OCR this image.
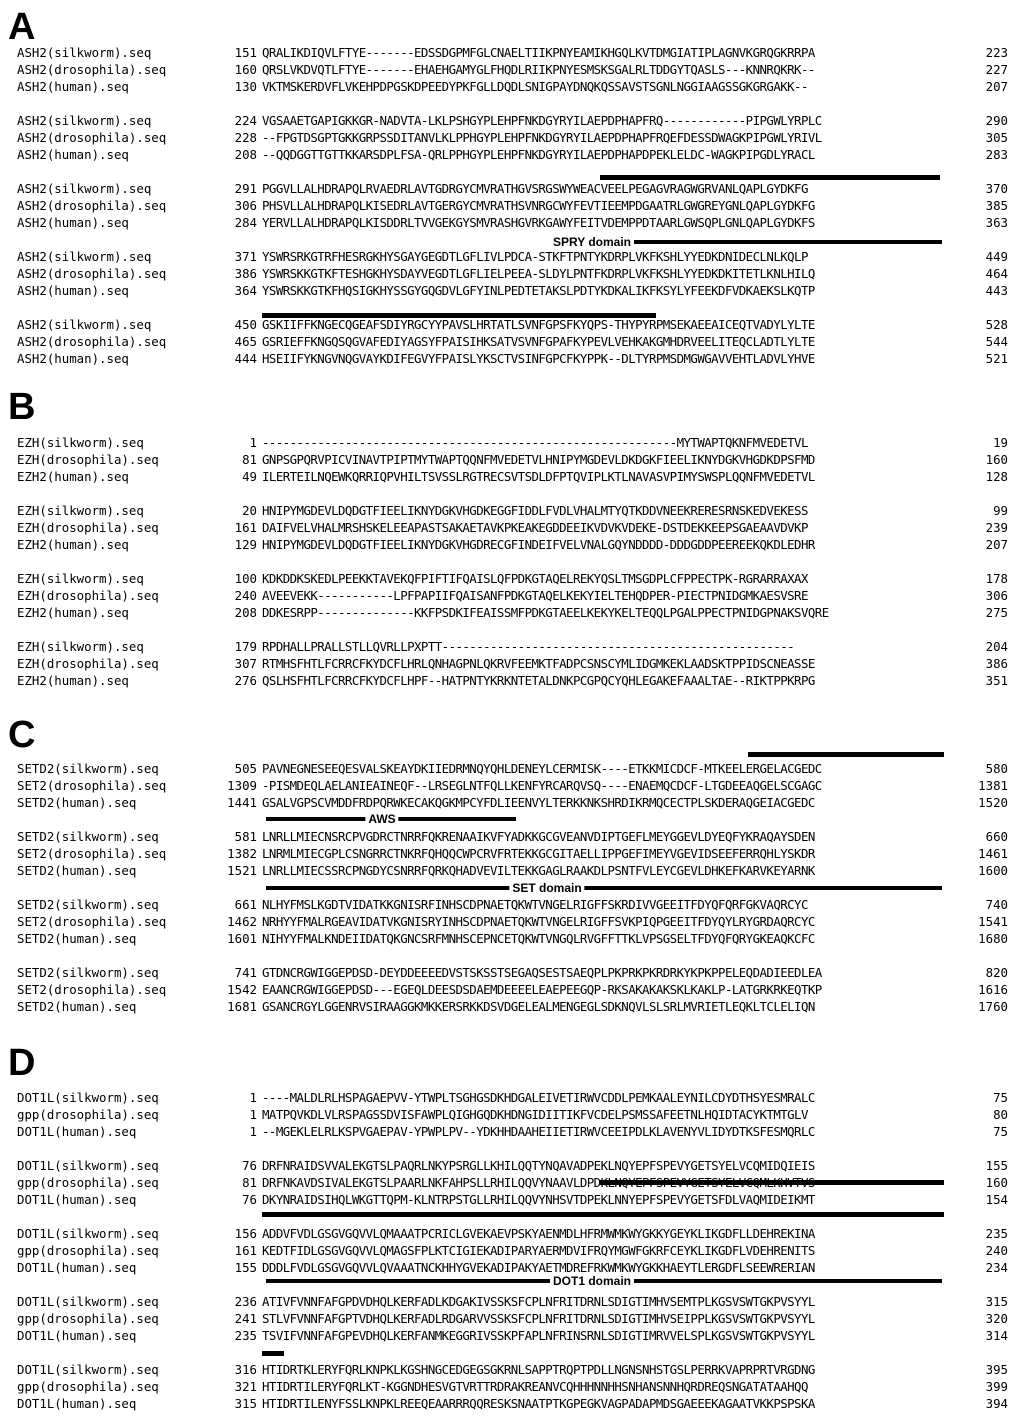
A
B
C
D
SPRY domain
AWS
SET domain
DOT1 domain
ASH2(silkworm).seq	151 QRALIKDIQVLFTYE-------EDSSDGPMFGLCNAELTIIKPNYEAMIKHGQLKVTDMGIATIPLAGNVKGRQGKRRPA	223
ASH2(drosophila).seq	160 QRSLVKDVQTLFTYE-------EHAEHGAMYGLFHQDLRIIKPNYESMSKSGALRLTDDGYTQASLS---KNNRQKRK--	227
ASH2(human).seq	130 VKTMSKERDVFLVKEHPDPGSKDPEEDYPKFGLLDQDLSNIGPAYDNQKQSSAVSTSGNLNGGIAAGSSGKGRGAKK--	207
ASH2(silkworm).seq	224 VGSAAETGAPIGKKGR-NADVTA-LKLPSHGYPLEHPFNKDGYRYILAEPDPHAPFRQ------------PIPGWLYRPLC	290
ASH2(drosophila).seq	228 --FPGTDSGPTGKKGRPSSDITANVLKLPPHGYPLEHPFNKDGYRYILAEPDPHAPFRQEFDESSDWAGKPIPGWLYRIVL	305
ASH2(human).seq	208 --QQDGGTTGTTKKARSDPLFSA-QRLPPHGYPLEHPFNKDGYRYILAEPDPHAPDPEKLELDC-WAGKPIPGDLYRACL	283
ASH2(silkworm).seq	291 PGGVLLALHDRAPQLRVAEDRLAVTGDRGYCMVRATHGVSRGSWYWEACVEELPEGAGVRAGWGRVANLQAPLGYDKFG	370
ASH2(drosophila).seq	306 PHSVLLALHDRAPQLKISEDRLAVTGERGYCMVRATHSVNRGCWYFEVTIEEMPDGAATRLGWGREYGNLQAPLGYDKFG	385
ASH2(human).seq	284 YERVLLALHDRAPQLKISDDRLTVVGEKGYSMVRASHGVRKGAWYFEITVDEMPPDTAARLGWSQPLGNLQAPLGYDKFS	363
ASH2(silkworm).seq	371 YSWRSRKGTRFHESRGKHYSGAYGEGDTLGFLIVLPDCA-STKFTPNTYKDRPLVKFKSHLYYEDKDNIDECLNLKQLP	449
ASH2(drosophila).seq	386 YSWRSKKGTKFTESHGKHYSDAYVEGDTLGFLIELPEEA-SLDYLPNTFKDRPLVKFKSHLYYEDKDKITETLKNLHILQ	464
ASH2(human).seq	364 YSWRSKKGTKFHQSIGKHYSSGYGQGDVLGFYINLPEDTETAKSLPDTYKDKALIKFKSYLYFEEKDFVDKAEKSLKQTP	443
ASH2(silkworm).seq	450 GSKIIFFKNGECQGEAFSDIYRGCYYPAVSLHRTATLSVNFGPSFKYQPS-THYPYRPMSEKAEEAICEQTVADYLYLTE	528
ASH2(drosophila).seq	465 GSRIEFFKNGQSQGVAFEDIYAGSYFPAISIHKSATVSVNFGPAFKYPEVLVEHKAKGMHDRVEELITEQCLADTLYLTE	544
ASH2(human).seq	444 HSEIIFYKNGVNQGVAYKDIFEGVYFPAISLYKSCTVSINFGPCFKYPPK--DLTYRPMSDMGWGAVVEHTLADVLYHVE	521
EZH(silkworm).seq	1 ------------------------------------------------------------MYTWAPTQKNFMVEDETVL	19
EZH(drosophila).seq	81 GNPSGPQRVPICVINAVTPIPTMYTWAPTQQNFMVEDETVLHNIPYMGDEVLDKDGKFIEELIKNYDGKVHGDKDPSFMD	160
EZH2(human).seq	49 ILERTEILNQEWKQRRIQPVHILTSVSSLRGTRECSVTSDLDFPTQVIPLKTLNAVASVPIMYSWSPLQQNFMVEDETVL	128
EZH(silkworm).seq	20 HNIPYMGDEVLDQDGTFIEELIKNYDGKVHGDKEGGFIDDLFVDLVHALMTYQTKDDVNEEKRERESRNSKEDVEKESS	99
EZH(drosophila).seq	161 DAIFVELVHALMRSHSKELEEAPASTSAKAETAVKPKEAKEGDDEEIKVDVKVDEKE-DSTDEKKEEPSGAEAAVDVKP	239
EZH2(human).seq	129 HNIPYMGDEVLDQDGTFIEELIKNYDGKVHGDRECGFINDEIFVELVNALGQYNDDDD-DDDGDDPEEREEKQKDLEDHR	207
EZH(silkworm).seq	100 KDKDDKSKEDLPEEKKTAVEKQFPIFTIFQAISLQFPDKGTAQELREKYQSLTMSGDPLCFPPECTPK-RGRARRAXAX	178
EZH(drosophila).seq	240 AVEEVEKK-----------LPFPAPIIFQAISANFPDKGTAQELKEKYIELTEHQDPER-PIECTPNIDGMKAESVSRE	306
EZH2(human).seq	208 DDKESRPP--------------KKFPSDKIFEAISSMFPDKGTAEELKEKYKELTEQQLPGALPPECTPNIDGPNAKSVQRE	275
EZH(silkworm).seq	179 RPDHALLPRALLSTLLQVRLLPXPTT---------------------------------------------------	204
EZH(drosophila).seq	307 RTMHSFHTLFCRRCFKYDCFLHRLQNHAGPNLQKRVFEEMKTFADPCSNSCYMLIDGMKEKLAADSKTPPIDSCNEASSE	386
EZH2(human).seq	276 QSLHSFHTLFCRRCFKYDCFLHPF--HATPNTYKRKNTETALDNKPCGPQCYQHLEGAKEFAAALTAE--RIKTPPKRPG	351
SETD2(silkworm).seq	505 PAVNEGNESEEQESVALSKEAYDKIIEDRMNQYQHLDENEYLCERMISK----ETKKMICDCF-MTKEELERGELACGEDC	580
SET2(drosophila).seq	1309 -PISMDEQLAELANIEAINEQF--LRSEGLNTFQLLKENFYRCARQVSQ----ENAEMQCDCF-LTGDEEAQGELSCGAGC	1381
SETD2(human).seq	1441 GSALVGPSCVMDDFRDPQRWKECAKQGKMPCYFDLIEENVYLTERKKNKSHRDIKRMQCECTPLSKDERAQGEIACGEDC	1520
SETD2(silkworm).seq	581 LNRLLMIECNSRCPVGDRCTNRRFQKRENAAIKVFYADKKGCGVEANVDIPTGEFLMEYGGEVLDYEQFYKRAQAYSDEN	660
SET2(drosophila).seq	1382 LNRMLMIECGPLCSNGRRCTNKRFQHQQCWPCRVFRTEKKGCGITAELLIPPGEFIMEYVGEVIDSEEFERRQHLYSKDR	1461
SETD2(human).seq	1521 LNRLLMIECSSRCPNGDYCSNRRFQRKQHADVEVILTEKKGAGLRAAKDLPSNTFVLEYCGEVLDHKEFKARVKEYARNK	1600
SETD2(silkworm).seq	661 NLHYFMSLKGDTVIDATKKGNISRFINHSCDPNAETQKWTVNGELRIGFFSKRDIVVGEEITFDYQFQRFGKVAQRCYC	740
SET2(drosophila).seq	1462 NRHYYFMALRGEAVIDATVKGNISRYINHSCDPNAETQKWTVNGELRIGFFSVKPIQPGEEITFDYQYLRYGRDAQRCYC	1541
SETD2(human).seq	1601 NIHYYFMALKNDEIIDATQKGNCSRFMNHSCEPNCETQKWTVNGQLRVGFFTTKLVPSGSELTFDYQFQRYGKEAQKCFC	1680
SETD2(silkworm).seq	741 GTDNCRGWIGGEPDSD-DEYDDEEEEDVSTSKSSTSEGAQSESTSAEQPLPKPRKPKRDRKYKPKPPELEQDADIEEDLEA	820
SET2(drosophila).seq	1542 EAANCRGWIGGEPDSD---EGEQLDEESDSDAEMDEEEELEAEPEEGQP-RKSAKAKAKSKLKAKLP-LATGRKRKEQTKP	1616
SETD2(human).seq	1681 GSANCRGYLGGENRVSIRAAGGKMKKERSRKKDSVDGELEALMENGEGLSDKNQVLSLSRLMVRIETLEQKLTCLELIQN	1760
DOT1L(silkworm).seq	1 ----MALDLRLHSPAGAEPVV-YTWPLTSGHGSDKHDGALEIVETIRWVCDDLPEMKAALEYNILCDYDTHSYESMRALC	75
gpp(drosophila).seq	1 MATPQVKDLVLRSPAGSSDVISFAWPLQIGHGQDKHDNGIDIITIKFVCDELPSMSSAFEETNLHQIDTACYKTMTGLV	80
DOT1L(human).seq	1 --MGEKLELRLKSPVGAEPAV-YPWPLPV--YDKHHDAAHEIIETIRWVCEEIPDLKLAVENYVLIDYDTKSFESMQRLC	75
DOT1L(silkworm).seq	76 DRFNRAIDSVVALEKGTSLPAQRLNKYPSRGLLKHILQQTYNQAVADPEKLNQYEPFSPEVYGETSYELVCQMIDQIEIS	155
gpp(drosophila).seq	81 DRFNKAVDSIVALEKGTSLPAARLNKFAHPSLLRHILQQVYNAAVLDPDKLNQYEPFSPEVYGETSYELVCQMLKHVTVS	160
DOT1L(human).seq	76 DKYNRAIDSIHQLWKGTTQPM-KLNTRPSTGLLRHILQQVYNHSVTDPEKLNNYEPFSPEVYGETSFDLVAQMIDEIKMT	154
DOT1L(silkworm).seq	156 ADDVFVDLGSGVGQVVLQMAAATPCRICLGVEKAEVPSKYAENMDLHFRMWMKWYGKKYGEYKLIKGDFLLDEHREKINA	235
gpp(drosophila).seq	161 KEDTFIDLGSGVGQVVLQMAGSFPLKTCIGIEKADIPARYAERMDVIFRQYMGWFGKRFCEYKLIKGDFLVDEHRENITS	240
DOT1L(human).seq	155 DDDLFVDLGSGVGQVVLQVAAATNCKHHYGVEKADIPAKYAETMDREFRKWMKWYGKKHAEYTLERGDFLSEEWRERIAN	234
DOT1L(silkworm).seq	236 ATIVFVNNFAFGPDVDHQLKERFADLKDGAKIVSSKSFCPLNFRITDRNLSDIGTIMHVSEMTPLKGSVSWTGKPVSYYL	315
gpp(drosophila).seq	241 STLVFVNNFAFGPTVDHQLKERFADLRDGARVVSSKSFCPLNFRITDRNLSDIGTIMHVSEIPPLKGSVSWTGKPVSYYL	320
DOT1L(human).seq	235 TSVIFVNNFAFGPEVDHQLKERFANMKEGGRIVSSKPFAPLNFRINSRNLSDIGTIMRVVELSPLKGSVSWTGKPVSYYL	314
DOT1L(silkworm).seq	316 HTIDRTKLERYFQRLKNPKLKGSHNGCEDGEGSGKRNLSAPPTRQPTPDLLNGNSNHSTGSLPERRKVAPRPRTVRGDNG	395
gpp(drosophila).seq	321 HTIDRTILERYFQRLKT-KGGNDHESVGTVRTTRDRAKREANVCQHHHNNHHSNHANSNNHQRDREQSNGATATAAHQQ	399
DOT1L(human).seq	315 HTIDRTILENYFSSLKNPKLREEQEAARRRQQRESKSNAATPTKGPEGKVAGPADAPMDSGAEEEKAGAATVKKPSPSKA	394
